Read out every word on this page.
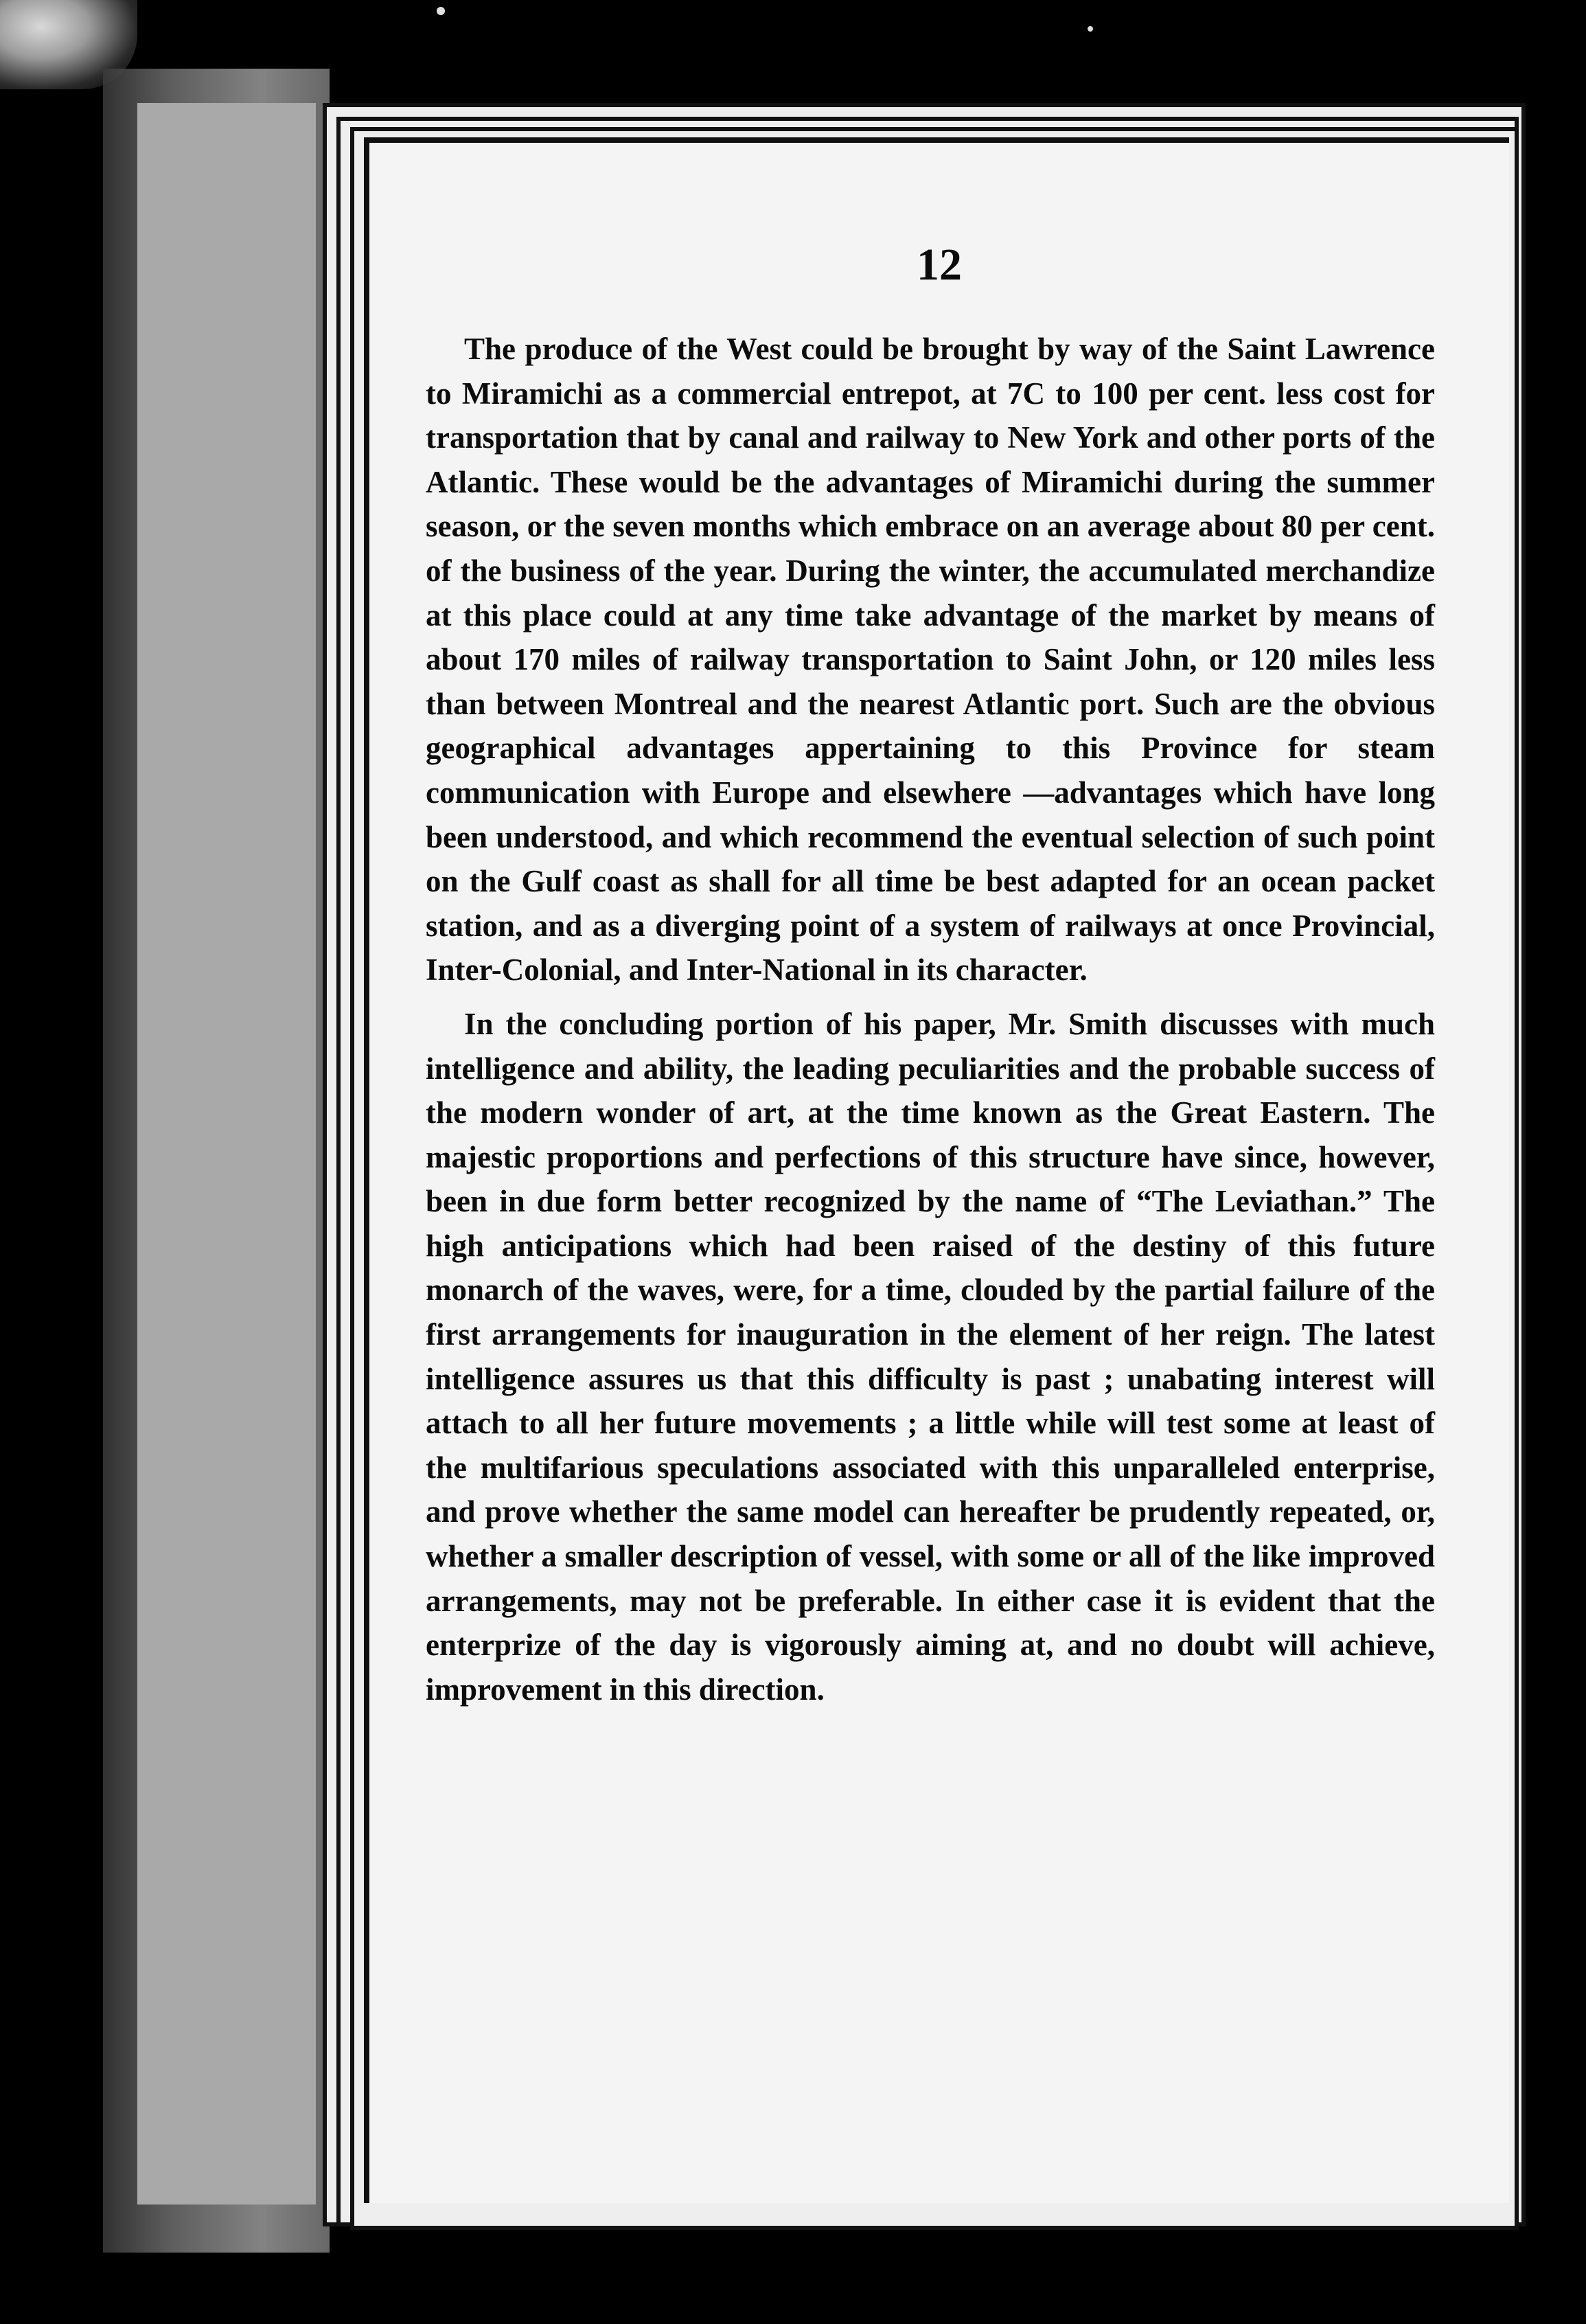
12

The produce of the West could be brought by way of the Saint Lawrence to Miramichi as a commercial entrepot, at 7C to 100 per cent. less cost for transportation that by canal and railway to New York and other ports of the Atlantic. These would be the advantages of Miramichi during the summer season, or the seven months which embrace on an average about 80 per cent. of the business of the year. During the winter, the accumulated merchandize at this place could at any time take advantage of the market by means of about 170 miles of railway transportation to Saint John, or 120 miles less than between Montreal and the nearest Atlantic port. Such are the obvious geographical advantages appertaining to this Province for steam communication with Europe and elsewhere —advantages which have long been understood, and which recommend the eventual selection of such point on the Gulf coast as shall for all time be best adapted for an ocean packet station, and as a diverging point of a system of railways at once Provincial, Inter-Colonial, and Inter-National in its character.

In the concluding portion of his paper, Mr. Smith discusses with much intelligence and ability, the leading peculiarities and the probable success of the modern wonder of art, at the time known as the Great Eastern. The majestic proportions and perfections of this structure have since, however, been in due form better recognized by the name of “The Leviathan.” The high anticipations which had been raised of the destiny of this future monarch of the waves, were, for a time, clouded by the partial failure of the first arrangements for inauguration in the element of her reign. The latest intelligence assures us that this difficulty is past ; unabating interest will attach to all her future movements ; a little while will test some at least of the multifarious speculations associated with this unparalleled enterprise, and prove whether the same model can hereafter be prudently repeated, or, whether a smaller description of vessel, with some or all of the like improved arrangements, may not be preferable. In either case it is evident that the enterprize of the day is vigorously aiming at, and no doubt will achieve, improvement in this direction.
